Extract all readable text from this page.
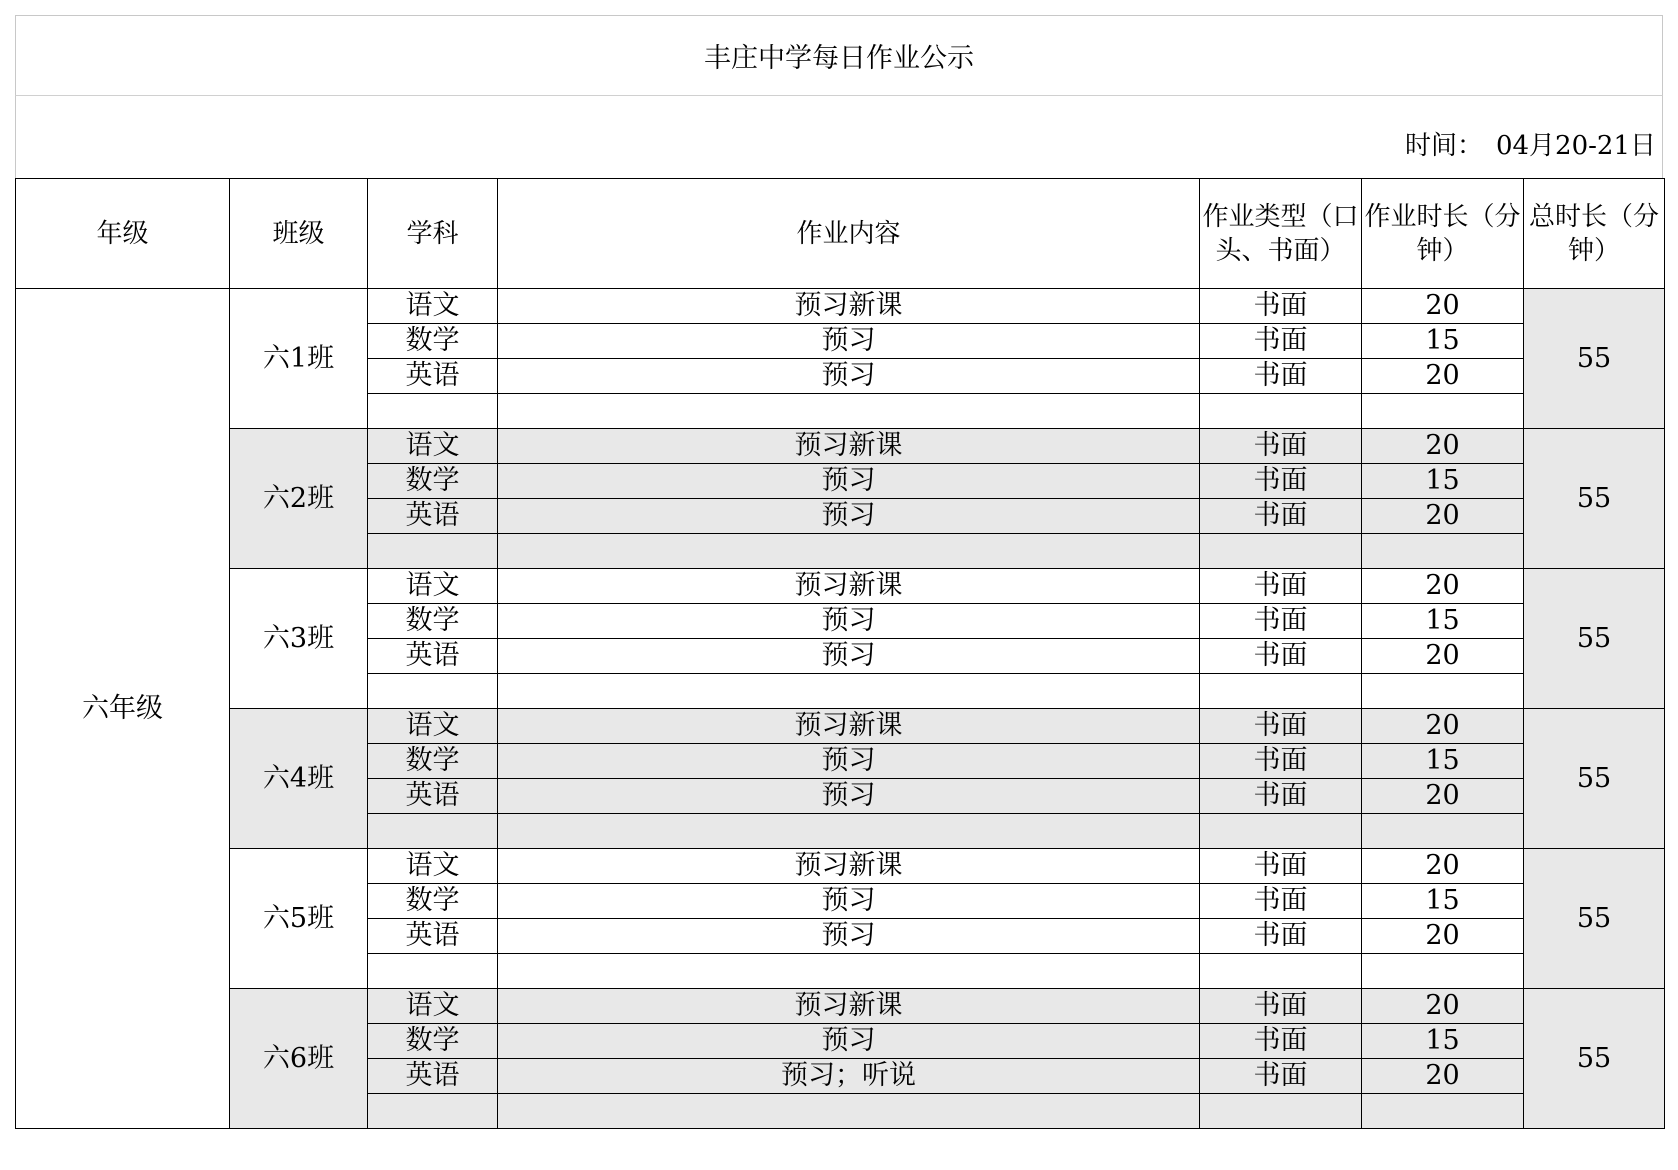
丰庄中学每日作业公示
时间：　04月20-21日
年级	班级	学科	作业内容	作业类型（口头、书面）	作业时长（分钟）	总时长（分钟）
六年级	六1班	语文	预习新课	书面	20	55
		数学	预习	书面	15	
		英语	预习	书面	20	

	六2班	语文	预习新课	书面	20	55
		数学	预习	书面	15	
		英语	预习	书面	20	

	六3班	语文	预习新课	书面	20	55
		数学	预习	书面	15	
		英语	预习	书面	20	

	六4班	语文	预习新课	书面	20	55
		数学	预习	书面	15	
		英语	预习	书面	20	

	六5班	语文	预习新课	书面	20	55
		数学	预习	书面	15	
		英语	预习	书面	20	

	六6班	语文	预习新课	书面	20	55
		数学	预习	书面	15	
		英语	预习；听说	书面	20	
